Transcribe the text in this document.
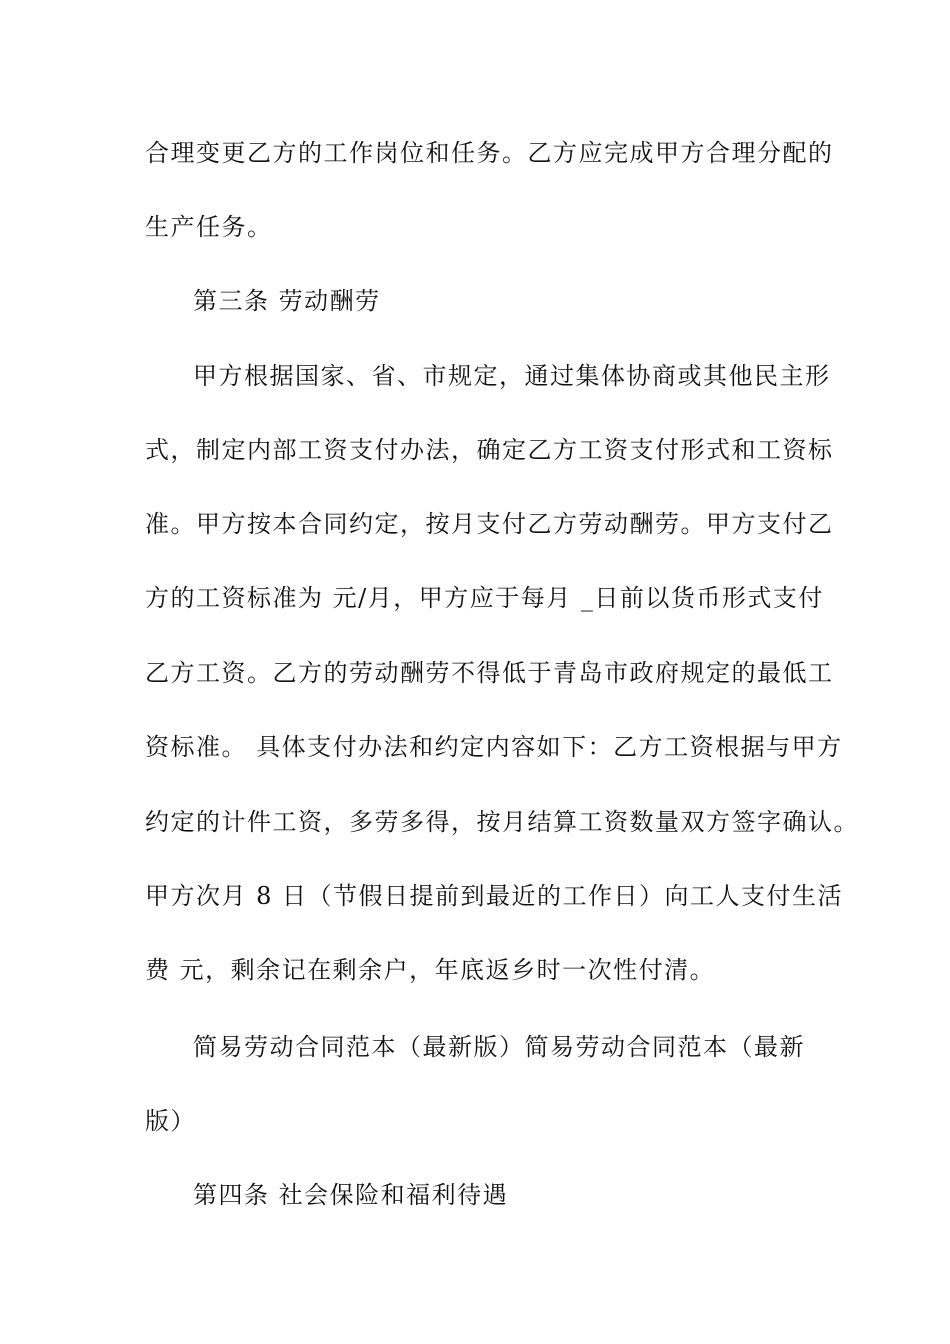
合理变更乙方的工作岗位和任务。乙方应完成甲方合理分配的
生产任务。
第三条 劳动酬劳
甲方根据国家、省、市规定，通过集体协商或其他民主形
式，制定内部工资支付办法，确定乙方工资支付形式和工资标
准。甲方按本合同约定，按月支付乙方劳动酬劳。甲方支付乙
方的工资标准为 元/月，甲方应于每月 _日前以货币形式支付
乙方工资。乙方的劳动酬劳不得低于青岛市政府规定的最低工
资标准。 具体支付办法和约定内容如下：乙方工资根据与甲方
约定的计件工资，多劳多得，按月结算工资数量双方签字确认。
甲方次月 8 日（节假日提前到最近的工作日）向工人支付生活
费 元，剩余记在剩余户，年底返乡时一次性付清。
简易劳动合同范本（最新版）简易劳动合同范本（最新
版）
第四条 社会保险和福利待遇
